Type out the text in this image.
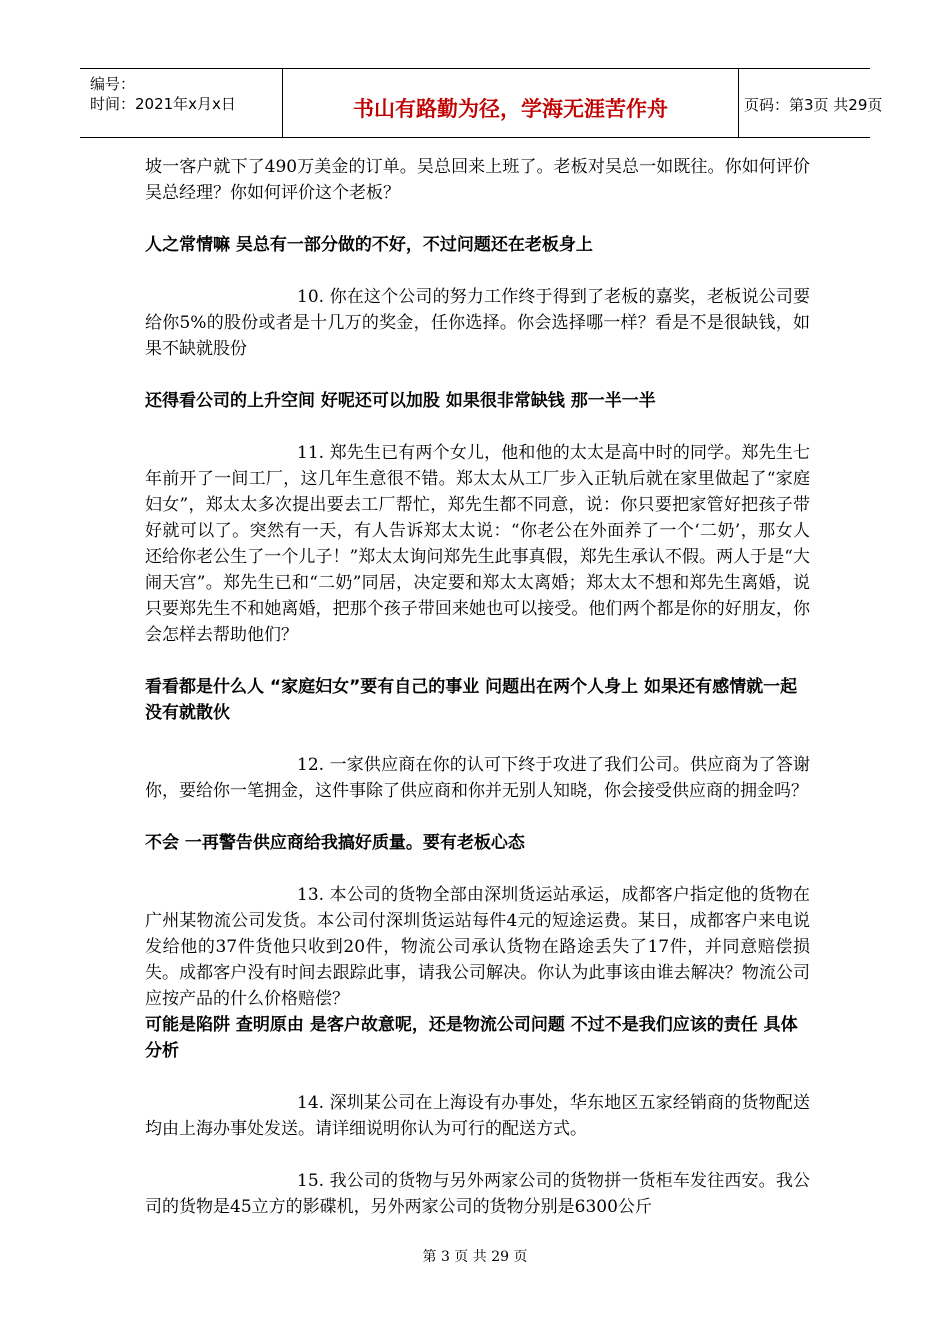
编号：
时间：2021年x月x日	书山有路勤为径，学海无涯苦作舟	页码：第3页 共29页

坡一客户就下了490万美金的订单。吴总回来上班了。老板对吴总一如既往。你如何评价吴总经理？你如何评价这个老板？

人之常情嘛 吴总有一部分做的不好，不过问题还在老板身上

10. 你在这个公司的努力工作终于得到了老板的嘉奖，老板说公司要给你5%的股份或者是十几万的奖金，任你选择。你会选择哪一样？看是不是很缺钱，如果不缺就股份

还得看公司的上升空间 好呢还可以加股 如果很非常缺钱 那一半一半

11. 郑先生已有两个女儿，他和他的太太是高中时的同学。郑先生七年前开了一间工厂，这几年生意很不错。郑太太从工厂步入正轨后就在家里做起了“家庭妇女”，郑太太多次提出要去工厂帮忙，郑先生都不同意，说：你只要把家管好把孩子带好就可以了。突然有一天，有人告诉郑太太说：“你老公在外面养了一个‘二奶’，那女人还给你老公生了一个儿子！”郑太太询问郑先生此事真假，郑先生承认不假。两人于是“大闹天宫”。郑先生已和“二奶”同居，决定要和郑太太离婚；郑太太不想和郑先生离婚，说只要郑先生不和她离婚，把那个孩子带回来她也可以接受。他们两个都是你的好朋友，你会怎样去帮助他们？

看看都是什么人 “家庭妇女”要有自己的事业 问题出在两个人身上 如果还有感情就一起 没有就散伙

12. 一家供应商在你的认可下终于攻进了我们公司。供应商为了答谢你，要给你一笔拥金，这件事除了供应商和你并无别人知晓，你会接受供应商的拥金吗？

不会 一再警告供应商给我搞好质量。要有老板心态

13. 本公司的货物全部由深圳货运站承运，成都客户指定他的货物在广州某物流公司发货。本公司付深圳货运站每件4元的短途运费。某日，成都客户来电说发给他的37件货他只收到20件，物流公司承认货物在路途丢失了17件，并同意赔偿损失。成都客户没有时间去跟踪此事，请我公司解决。你认为此事该由谁去解决？物流公司应按产品的什么价格赔偿？

可能是陷阱 查明原由 是客户故意呢，还是物流公司问题 不过不是我们应该的责任 具体分析

14. 深圳某公司在上海设有办事处，华东地区五家经销商的货物配送均由上海办事处发送。请详细说明你认为可行的配送方式。

15. 我公司的货物与另外两家公司的货物拼一货柜车发往西安。我公司的货物是45立方的影碟机，另外两家公司的货物分别是6300公斤

第 3 页 共 29 页
